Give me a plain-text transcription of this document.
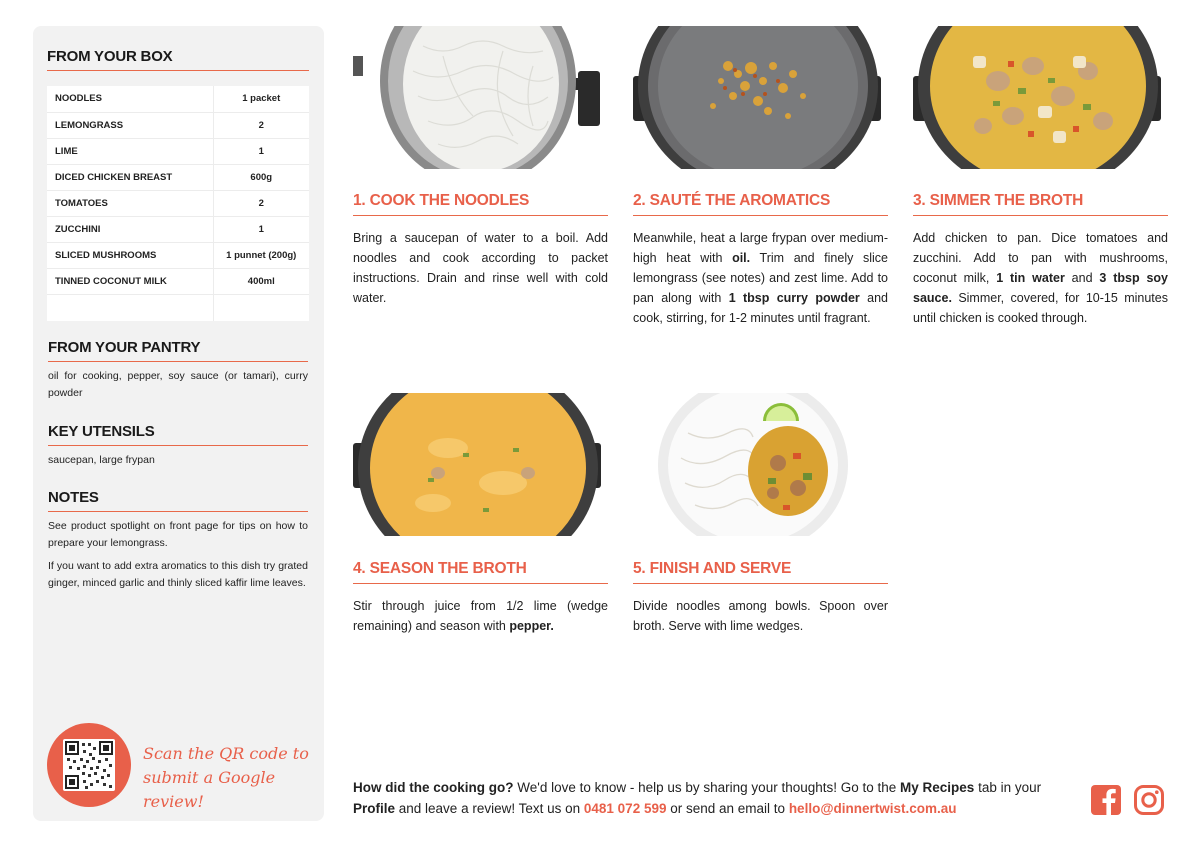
FROM YOUR BOX
NOODLES	1 packet
LEMONGRASS	2
LIME	1
DICED CHICKEN BREAST	600g
TOMATOES	2
ZUCCHINI	1
SLICED MUSHROOMS	1 punnet (200g)
TINNED COCONUT MILK	400ml

FROM YOUR PANTRY
oil for cooking, pepper, soy sauce (or tamari), curry powder
KEY UTENSILS
saucepan, large frypan
NOTES
See product spotlight on front page for tips on how to prepare your lemongrass.
If you want to add extra aromatics to this dish try grated ginger, minced garlic and thinly sliced kaffir lime leaves.
Scan the QR code to
submit a Google review!
1. COOK THE NOODLES
Bring a saucepan of water to a boil. Add noodles and cook according to packet instructions. Drain and rinse well with cold water.
2. SAUTÉ THE AROMATICS
Meanwhile, heat a large frypan over medium-high heat with oil. Trim and finely slice lemongrass (see notes) and zest lime. Add to pan along with 1 tbsp curry powder and cook, stirring, for 1-2 minutes until fragrant.
3. SIMMER THE BROTH
Add chicken to pan. Dice tomatoes and zucchini. Add to pan with mushrooms, coconut milk, 1 tin water and 3 tbsp soy sauce. Simmer, covered, for 10-15 minutes until chicken is cooked through.
4. SEASON THE BROTH
Stir through juice from 1/2 lime (wedge remaining) and season with pepper.
5. FINISH AND SERVE
Divide noodles among bowls. Spoon over broth. Serve with lime wedges.
How did the cooking go? We'd love to know - help us by sharing your thoughts! Go to the My Recipes tab in your Profile and leave a review! Text us on 0481 072 599 or send an email to hello@dinnertwist.com.au
